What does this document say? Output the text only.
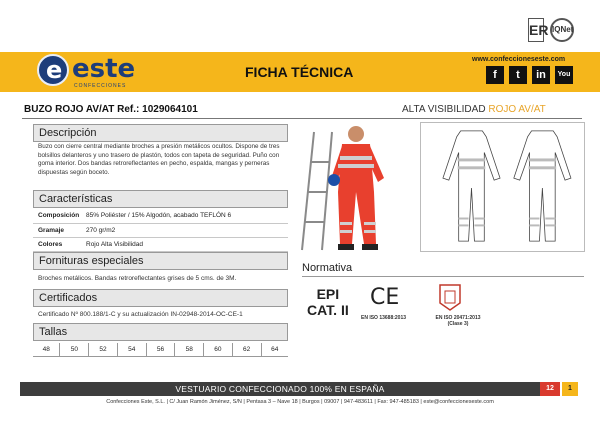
ER IQNet
e este
CONFECCIONES
FICHA TÉCNICA
www.confeccioneseste.com
f	t	in	You
BUZO ROJO AV/AT Ref.: 1029064101	ALTA VISIBILIDAD ROJO AV/AT
Descripción
Buzo con cierre central mediante broches a presión metálicos ocultos. Dispone de tres bolsillos delanteros y uno trasero de plastón, todos con tapeta de seguridad. Puño con goma interior. Dos bandas retroreflectantes en pecho, espalda, mangas y perneras dispuestas según boceto.
Características
Composición	85% Poliéster / 15% Algodón, acabado TEFLÓN 6
Gramaje	270 gr/m2
Colores	Rojo Alta Visibilidad
Fornituras especiales
Broches metálicos. Bandas retroreflectantes grises de 5 cms. de 3M.
Certificados
Certificado Nº 800.188/1-C y su actualización IN-02948-2014-OC-CE-1
Tallas
48	50	52	54	56	58	60	62	64
Normativa
EPI
CAT. II CE
EN ISO 13688:2013	EN ISO 20471:2013
(Clase 3)
VESTUARIO CONFECCIONADO 100% EN ESPAÑA	12	1
Confecciones Este, S.L. | C/ Juan Ramón Jiménez, S/N | Pentasa 3 – Nave 18 | Burgos | 09007 | 947-483611 | Fax: 947-485183 | este@confeccioneseste.com
